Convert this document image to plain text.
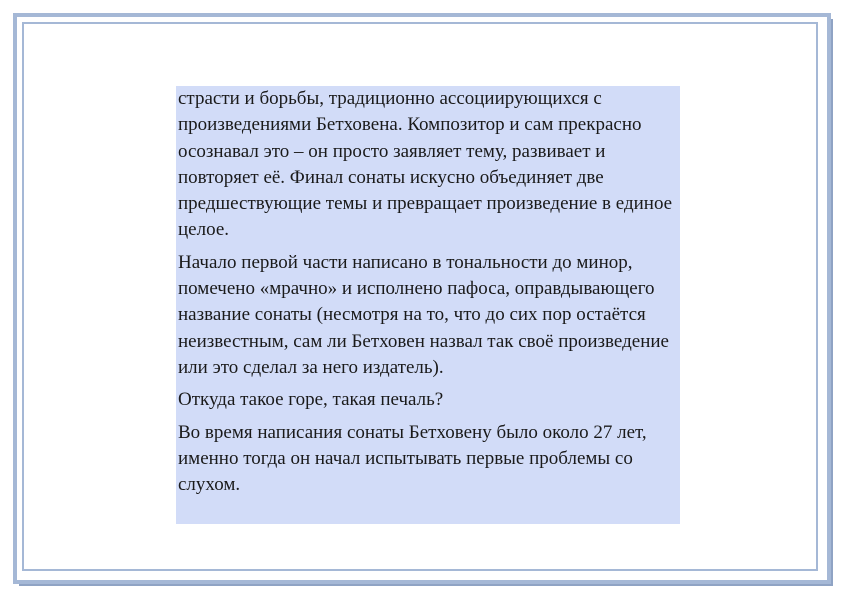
страсти и борьбы, традиционно ассоциирующихся с произведениями Бетховена. Композитор и сам прекрасно осознавал это – он просто заявляет тему, развивает и повторяет её. Финал сонаты искусно объединяет две предшествующие темы и превращает произведение в единое целое.

Начало первой части написано в тональности до минор, помечено «мрачно» и исполнено пафоса, оправдывающего название сонаты (несмотря на то, что до сих пор остаётся неизвестным, сам ли Бетховен назвал так своё произведение или это сделал за него издатель).

Откуда такое горе, такая печаль?

Во время написания сонаты Бетховену было около 27 лет, именно тогда он начал испытывать первые проблемы со слухом.
